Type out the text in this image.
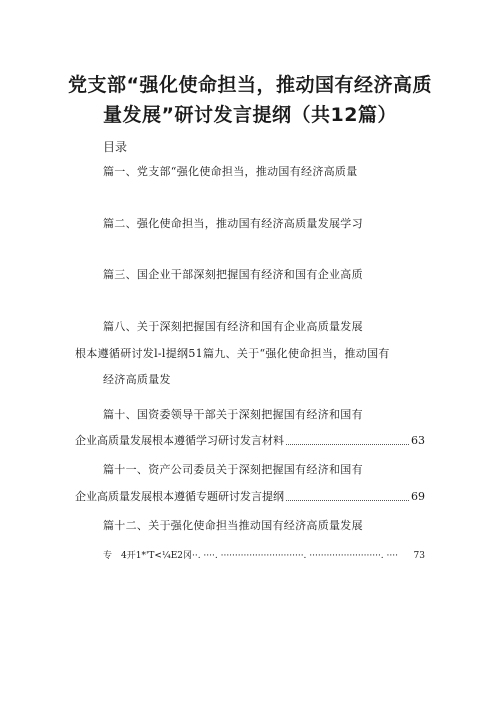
党支部“强化使命担当，推动国有经济高质
量发展”研讨发言提纲（共12篇）
目录
篇一、党支部“强化使命担当，推动国有经济高质量
篇二、强化使命担当，推动国有经济高质量发展学习
篇三、国企业干部深刻把握国有经济和国有企业高质
篇八、关于深刻把握国有经济和国有企业高质量发展
根本遵循研讨发l-l提纲51篇九、关于“强化使命担当，推动国有
经济高质量发
篇十、国资委领导干部关于深刻把握国有经济和国有
企业高质量发展根本遵循学习研讨发言材料	63
篇十一、资产公司委员关于深刻把握国有经济和国有
企业高质量发展根本遵循专题研讨发言提纲	69
篇十二、关于强化使命担当推动国有经济高质量发展
专　4开1*'T<¼E2冈··. ····. ·····························. ·························. ····	73
